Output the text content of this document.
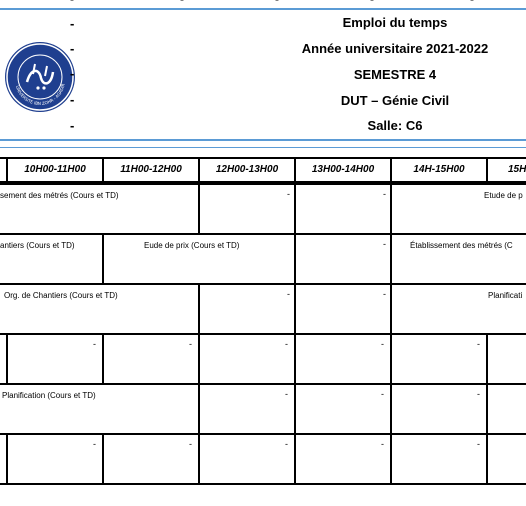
UNIVERSITE IBN ZOHR - AGADIR
-
-
-
-
-
Emploi du temps
Année universitaire 2021-2022
SEMESTRE 4
DUT – Génie Civil
Salle: C6
10H00-11H00	11H00-12H00	12H00-13H00	13H00-14H00	14H-15H00	15H
sement des métrés (Cours et TD)	-	-	Etude de p
antiers (Cours et TD)	Eude de prix (Cours et TD)	-	Établissement des métrés (C
Org. de Chantiers (Cours et TD)	-	-	Planificati
-	-	-	-	-
Planification (Cours et TD)	-	-	-
-	-	-	-	-
